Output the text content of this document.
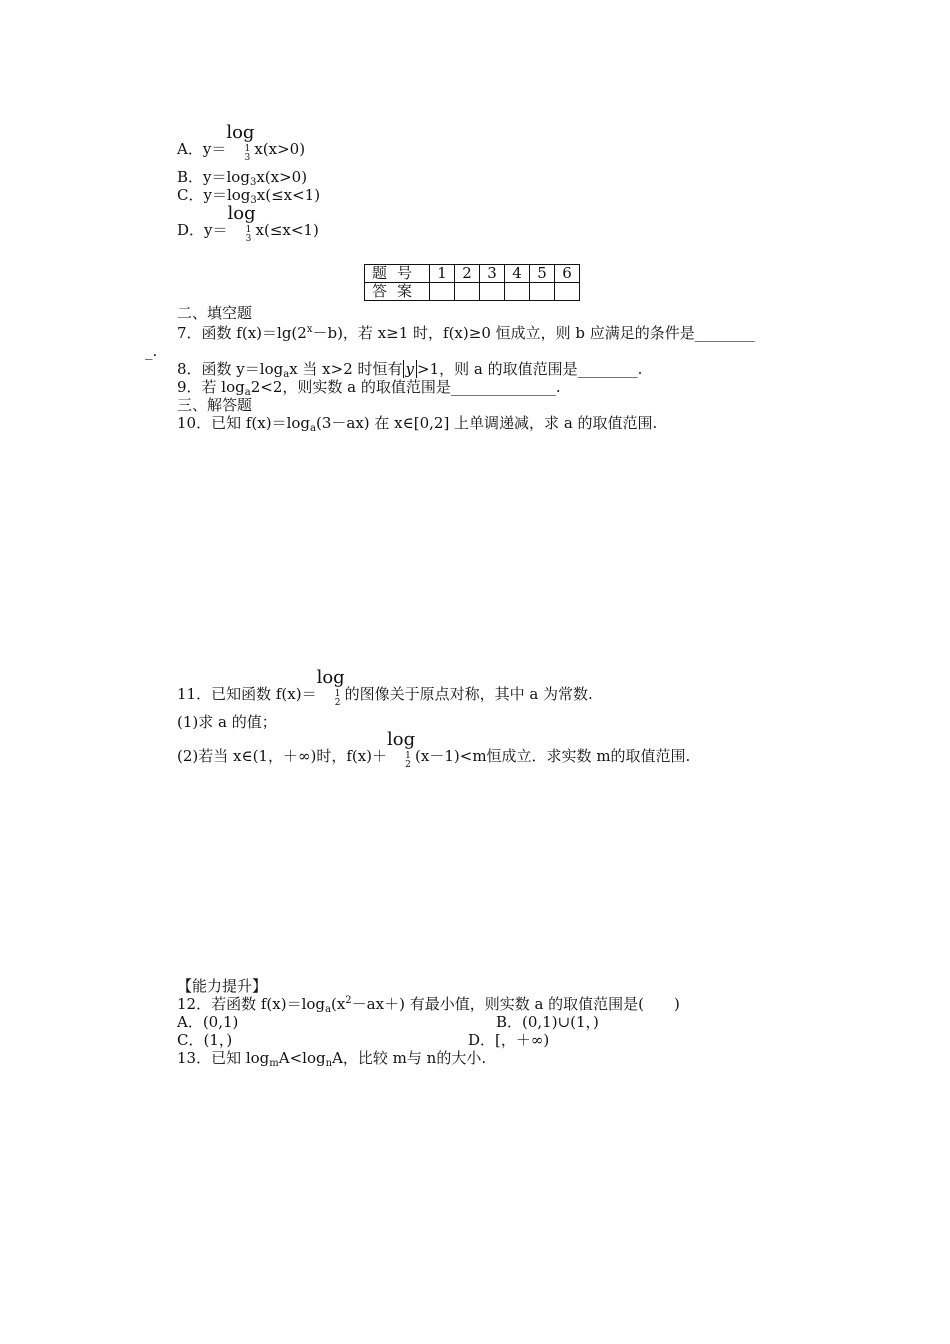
A．y＝
log
1
3 x(x>0)
B．$y=\log_3x(x>0)$
C．$y=\log_3x(\le x<1)$
D．y＝
log
1
3 x(≤x<1)
题号	1	2	3	4	5	6
答案						
二、填空题
7．函数 $f(x)=\lg(2^x-b)$，若 x≥1 时，f(x)≥0 恒成立，则 b 应满足的条件是________
_.
8．函数 $y=\log_ax$ 当 x>2 时恒有 y >1，则 a 的取值范围是________.
9．若 $\log_a2<2$，则实数 a 的取值范围是______________.
三、解答题
10．已知 $f(x)=\log_a(3-ax)$ 在 x∈[0,2] 上单调递减，求 a 的取值范围.
11．已知函数 f(x)＝
log
1
2 的图像关于原点对称，其中 a 为常数.
(1)求 a 的值；
(2)若当 x∈(1，＋∞)时，f(x)＋
log
1
2 (x－1)<m恒成立．求实数 m的取值范围.
【能力提升】
12．若函数 $f(x)=\log_a(x^2-ax+)$ 有最小值，则实数 a 的取值范围是(　　)
A．(0,1)	B．(0,1)∪(1，)
C．(1，)	D．[，＋∞)
13．已知 $\log_mA<\log_nA$，比较 m与 n的大小.
